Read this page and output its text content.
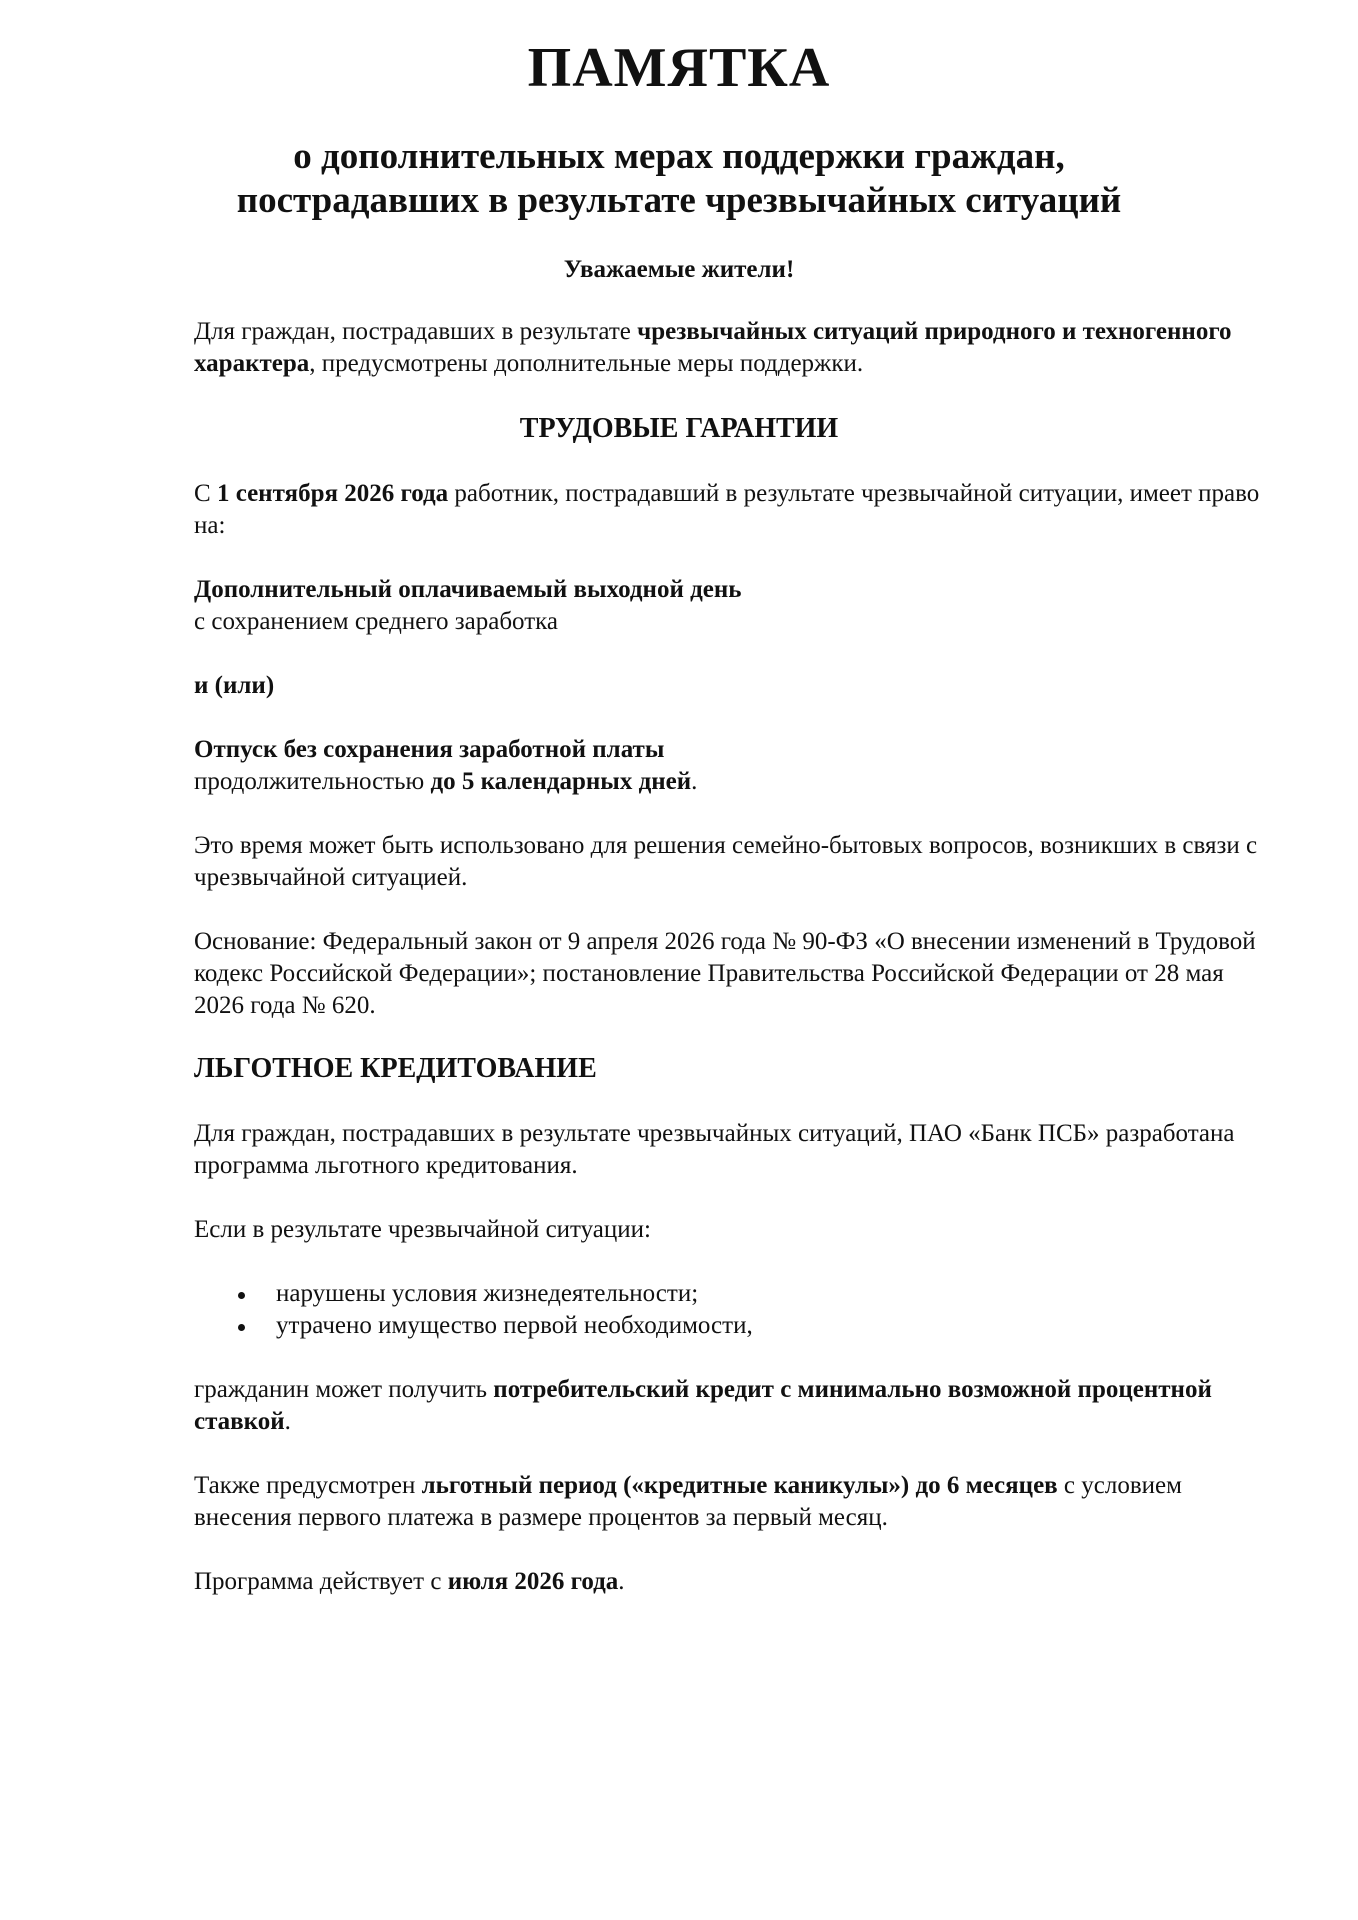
ПАМЯТКА
о дополнительных мерах поддержки граждан,
пострадавших в результате чрезвычайных ситуаций
Уважаемые жители!
Для граждан, пострадавших в результате чрезвычайных ситуаций природного и техногенного характера, предусмотрены дополнительные меры поддержки.
ТРУДОВЫЕ ГАРАНТИИ
С 1 сентября 2026 года работник, пострадавший в результате чрезвычайной ситуации, имеет право на:
Дополнительный оплачиваемый выходной день
с сохранением среднего заработка
и (или)
Отпуск без сохранения заработной платы
продолжительностью до 5 календарных дней.
Это время может быть использовано для решения семейно-бытовых вопросов, возникших в связи с чрезвычайной ситуацией.
Основание: Федеральный закон от 9 апреля 2026 года № 90-ФЗ «О внесении изменений в Трудовой кодекс Российской Федерации»; постановление Правительства Российской Федерации от 28 мая 2026 года № 620.
ЛЬГОТНОЕ КРЕДИТОВАНИЕ
Для граждан, пострадавших в результате чрезвычайных ситуаций, ПАО «Банк ПСБ» разработана программа льготного кредитования.
Если в результате чрезвычайной ситуации:
нарушены условия жизнедеятельности;
утрачено имущество первой необходимости,
гражданин может получить потребительский кредит с минимально возможной процентной ставкой.
Также предусмотрен льготный период («кредитные каникулы») до 6 месяцев с условием внесения первого платежа в размере процентов за первый месяц.
Программа действует с июля 2026 года.
